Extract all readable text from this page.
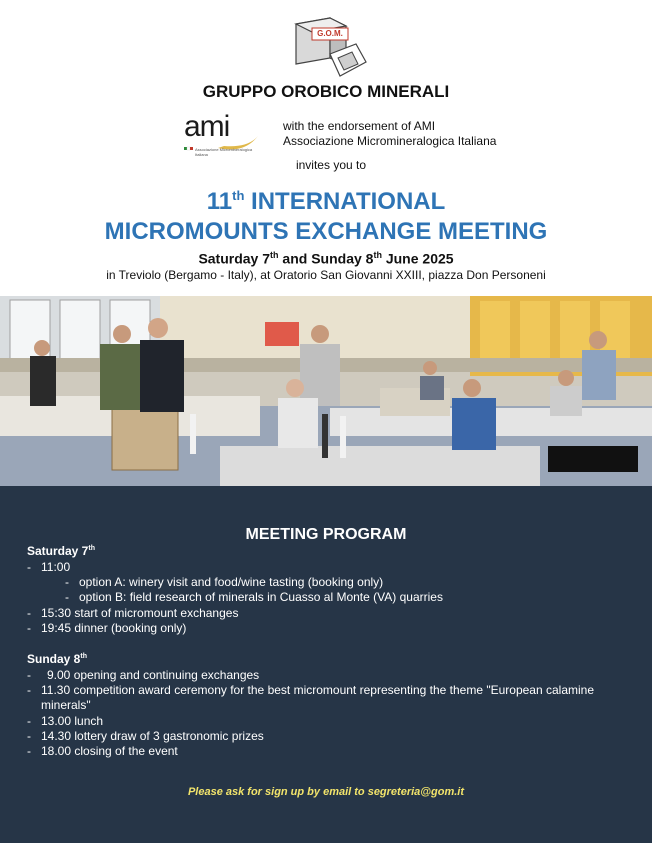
G.O.M.
GRUPPO OROBICO MINERALI
ami
Associazione Micromineralogica Italiana
with the endorsement of AMI
Associazione Micromineralogica Italiana
invites you to
11th INTERNATIONAL
MICROMOUNTS EXCHANGE MEETING
Saturday 7th and Sunday 8th June 2025
in Treviolo (Bergamo - Italy), at Oratorio San Giovanni XXIII, piazza Don Personeni
MEETING PROGRAM
Saturday 7th
- 11:00
- option A: winery visit and food/wine tasting (booking only)
- option B: field research of minerals in Cuasso al Monte (VA) quarries
- 15:30 start of micromount exchanges
- 19:45 dinner (booking only)
Sunday 8th
- 9.00 opening and continuing exchanges
- 11.30 competition award ceremony for the best micromount representing the theme "European calamine
minerals"
- 13.00 lunch
- 14.30 lottery draw of 3 gastronomic prizes
- 18.00 closing of the event
Please ask for sign up by email to segreteria@gom.it
